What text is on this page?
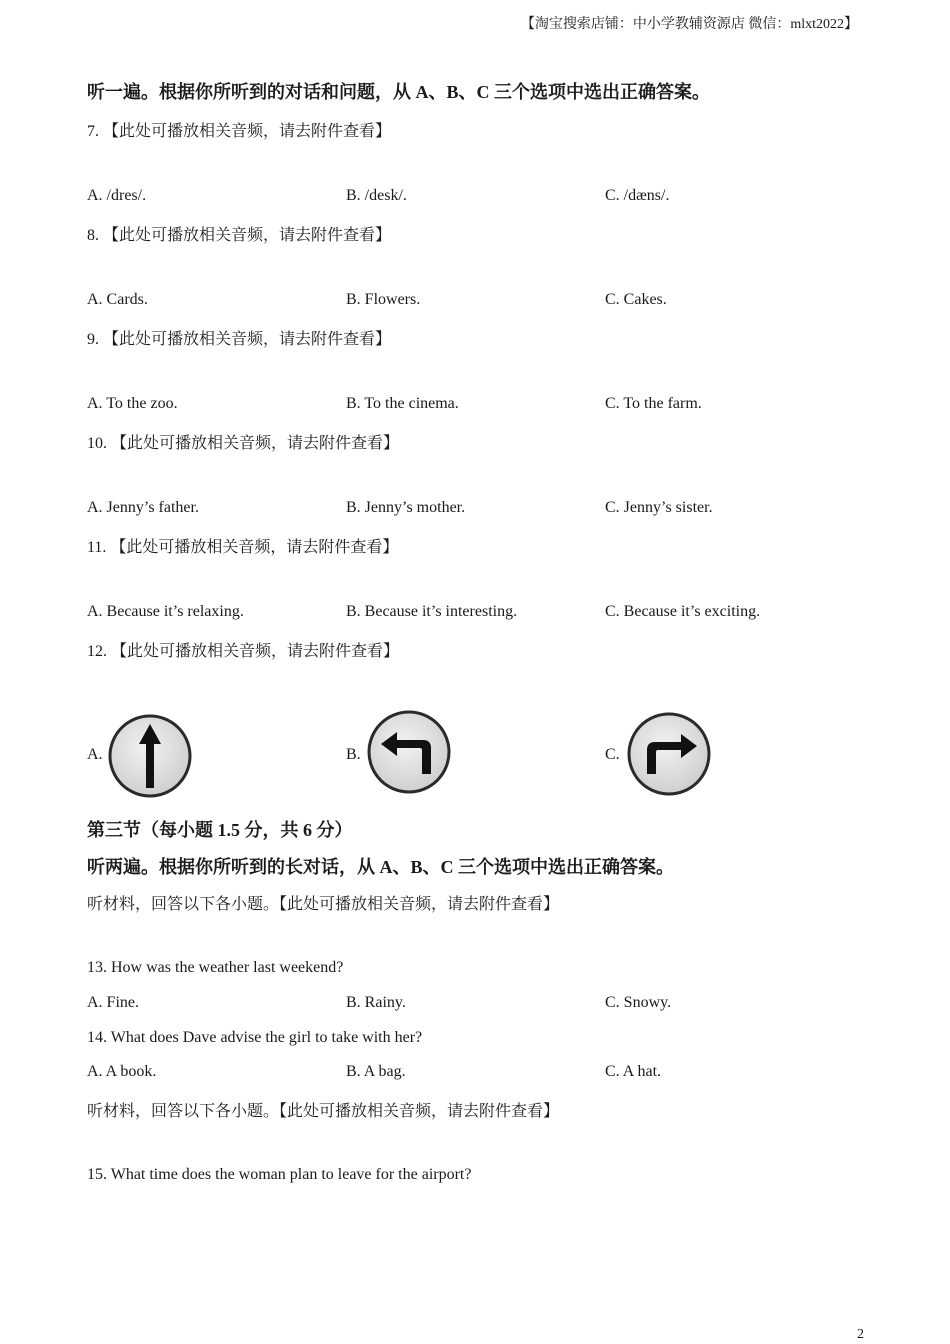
【淘宝搜索店铺：中小学教辅资源店 微信：mlxt2022】
听一遍。根据你所听到的对话和问题，从 A、B、C 三个选项中选出正确答案。
7. 【此处可播放相关音频，请去附件查看】
A. /dres/.	B. /desk/.	C. /dæns/.
8. 【此处可播放相关音频，请去附件查看】
A. Cards.	B. Flowers.	C. Cakes.
9. 【此处可播放相关音频，请去附件查看】
A. To the zoo.	B. To the cinema.	C. To the farm.
10. 【此处可播放相关音频，请去附件查看】
A. Jenny’s father.	B. Jenny’s mother.	C. Jenny’s sister.
11. 【此处可播放相关音频，请去附件查看】
A. Because it’s relaxing.	B. Because it’s interesting.	C. Because it’s exciting.
12. 【此处可播放相关音频，请去附件查看】
A.	B.	C.
第三节（每小题 1.5 分，共 6 分）
听两遍。根据你所听到的长对话，从 A、B、C 三个选项中选出正确答案。
听材料，回答以下各小题。【此处可播放相关音频，请去附件查看】
13. How was the weather last weekend?
A. Fine.	B. Rainy.	C. Snowy.
14. What does Dave advise the girl to take with her?
A. A book.	B. A bag.	C. A hat.
听材料，回答以下各小题。【此处可播放相关音频，请去附件查看】
15. What time does the woman plan to leave for the airport?
2
